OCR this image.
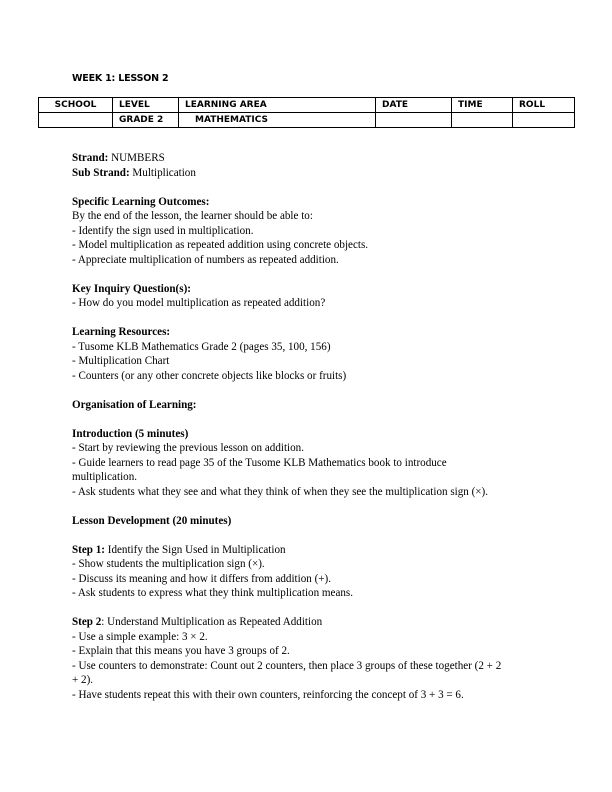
WEEK 1: LESSON 2
SCHOOL	LEVEL	LEARNING AREA	DATE	TIME	ROLL
	GRADE 2	MATHEMATICS			

Strand: NUMBERS

Sub Strand: Multiplication

Specific Learning Outcomes:

By the end of the lesson, the learner should be able to:

- Identify the sign used in multiplication.

- Model multiplication as repeated addition using concrete objects.

- Appreciate multiplication of numbers as repeated addition.

Key Inquiry Question(s):

- How do you model multiplication as repeated addition?

Learning Resources:

- Tusome KLB Mathematics Grade 2 (pages 35, 100, 156)

- Multiplication Chart

- Counters (or any other concrete objects like blocks or fruits)

Organisation of Learning:

Introduction (5 minutes)

- Start by reviewing the previous lesson on addition.

- Guide learners to read page 35 of the Tusome KLB Mathematics book to introduce

multiplication.

- Ask students what they see and what they think of when they see the multiplication sign (×).

Lesson Development (20 minutes)

Step 1: Identify the Sign Used in Multiplication

- Show students the multiplication sign (×).

- Discuss its meaning and how it differs from addition (+).

- Ask students to express what they think multiplication means.

Step 2: Understand Multiplication as Repeated Addition

- Use a simple example: 3 × 2.

- Explain that this means you have 3 groups of 2.

- Use counters to demonstrate: Count out 2 counters, then place 3 groups of these together (2 + 2

+ 2).

- Have students repeat this with their own counters, reinforcing the concept of 3 + 3 = 6.
